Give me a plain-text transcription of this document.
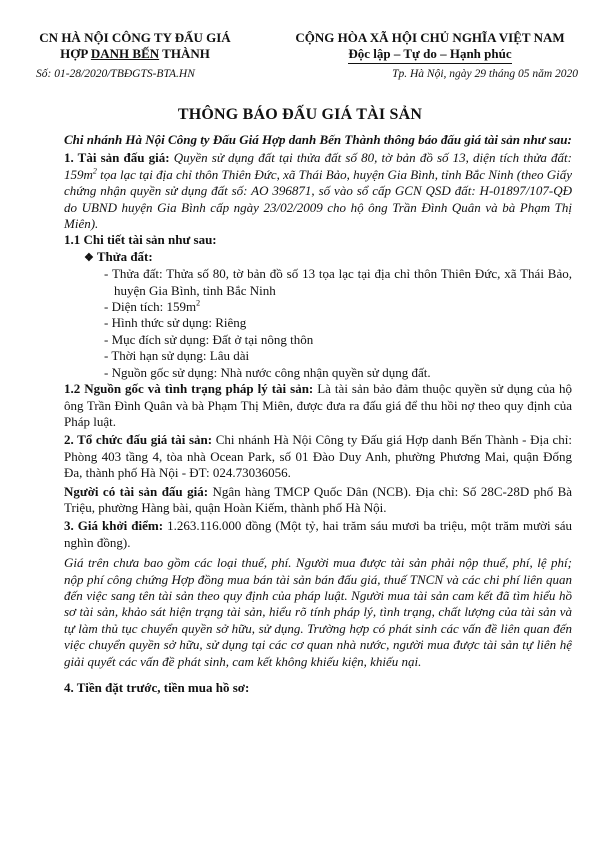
CN HÀ NỘI CÔNG TY ĐẤU GIÁ
HỢP DANH BẾN THÀNH
Số: 01-28/2020/TBĐGTS-BTA.HN
CỘNG HÒA XÃ HỘI CHỦ NGHĨA VIỆT NAM
Độc lập – Tự do – Hạnh phúc
Tp. Hà Nội, ngày 29 tháng 05 năm 2020
THÔNG BÁO ĐẤU GIÁ TÀI SẢN

Chi nhánh Hà Nội Công ty Đấu Giá Hợp danh Bến Thành thông báo đấu giá tài sản như sau:

1. Tài sản đấu giá: Quyền sử dụng đất tại thửa đất số 80, tờ bản đồ số 13, diện tích thửa đất: $159m^2$ tọa lạc tại địa chỉ thôn Thiên Đức, xã Thái Bảo, huyện Gia Bình, tỉnh Bắc Ninh (theo Giấy chứng nhận quyền sử dụng đất số: AO 396871, số vào sổ cấp GCN QSD đất: H-01897/107-QĐ do UBND huyện Gia Bình cấp ngày 23/02/2009 cho hộ ông Trần Đình Quân và bà Phạm Thị Miên).

1.1 Chi tiết tài sản như sau:

❖ Thửa đất:

- Thửa đất: Thửa số 80, tờ bản đồ số 13 tọa lạc tại địa chỉ thôn Thiên Đức, xã Thái Bảo, huyện Gia Bình, tỉnh Bắc Ninh

- Diện tích: $159m^2$

- Hình thức sử dụng: Riêng

- Mục đích sử dụng: Đất ở tại nông thôn

- Thời hạn sử dụng: Lâu dài

- Nguồn gốc sử dụng: Nhà nước công nhận quyền sử dụng đất.

1.2 Nguồn gốc và tình trạng pháp lý tài sản: Là tài sản bảo đảm thuộc quyền sử dụng của hộ ông Trần Đình Quân và bà Phạm Thị Miên, được đưa ra đấu giá để thu hồi nợ theo quy định của Pháp luật.

2. Tổ chức đấu giá tài sản: Chi nhánh Hà Nội Công ty Đấu giá Hợp danh Bến Thành - Địa chỉ: Phòng 403 tầng 4, tòa nhà Ocean Park, số 01 Đào Duy Anh, phường Phương Mai, quận Đống Đa, thành phố Hà Nội - ĐT: 024.73036056.

Người có tài sản đấu giá: Ngân hàng TMCP Quốc Dân (NCB). Địa chỉ: Số 28C-28D phố Bà Triệu, phường Hàng bài, quận Hoàn Kiếm, thành phố Hà Nội.

3. Giá khởi điểm: 1.263.116.000 đồng (Một tỷ, hai trăm sáu mươi ba triệu, một trăm mười sáu nghìn đồng).

Giá trên chưa bao gồm các loại thuế, phí. Người mua được tài sản phải nộp thuế, phí, lệ phí; nộp phí công chứng Hợp đồng mua bán tài sản bán đấu giá, thuế TNCN và các chi phí liên quan đến việc sang tên tài sản theo quy định của pháp luật. Người mua tài sản cam kết đã tìm hiểu hồ sơ tài sản, khảo sát hiện trạng tài sản, hiểu rõ tính pháp lý, tình trạng, chất lượng của tài sản và tự làm thủ tục chuyển quyền sở hữu, sử dụng. Trường hợp có phát sinh các vấn đề liên quan đến việc chuyển quyền sở hữu, sử dụng tại các cơ quan nhà nước, người mua được tài sản tự liên hệ giải quyết các vấn đề phát sinh, cam kết không khiếu kiện, khiếu nại.

4. Tiền đặt trước, tiền mua hồ sơ:
